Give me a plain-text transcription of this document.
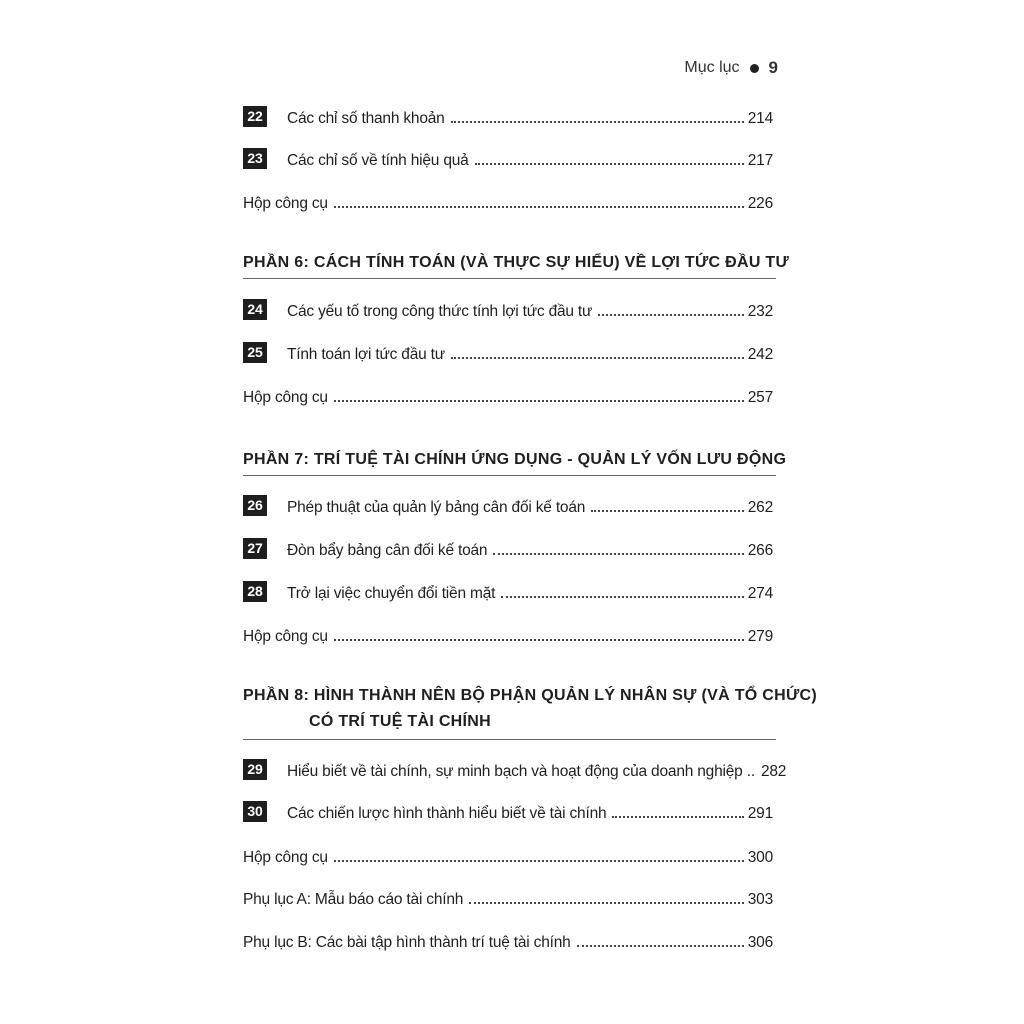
Mục lục 9
22 Các chỉ số thanh khoản	214
23 Các chỉ số về tính hiệu quả	217
Hộp công cụ	226
PHẦN 6: CÁCH TÍNH TOÁN (VÀ THỰC SỰ HIỂU) VỀ LỢI TỨC ĐẦU TƯ
24 Các yếu tố trong công thức tính lợi tức đầu tư	232
25 Tính toán lợi tức đầu tư	242
Hộp công cụ	257
PHẦN 7: TRÍ TUỆ TÀI CHÍNH ỨNG DỤNG - QUẢN LÝ VỐN LƯU ĐỘNG
26 Phép thuật của quản lý bảng cân đối kế toán	262
27 Đòn bẩy bảng cân đối kế toán	266
28 Trở lại việc chuyển đổi tiền mặt	274
Hộp công cụ	279
PHẦN 8: HÌNH THÀNH NÊN BỘ PHẬN QUẢN LÝ NHÂN SỰ (VÀ TỔ CHỨC)
CÓ TRÍ TUỆ TÀI CHÍNH
29 Hiểu biết về tài chính, sự minh bạch và hoạt động của doanh nghiệp .. 282
30 Các chiến lược hình thành hiểu biết về tài chính	291
Hộp công cụ	300
Phụ lục A: Mẫu báo cáo tài chính	303
Phụ lục B: Các bài tập hình thành trí tuệ tài chính	306
